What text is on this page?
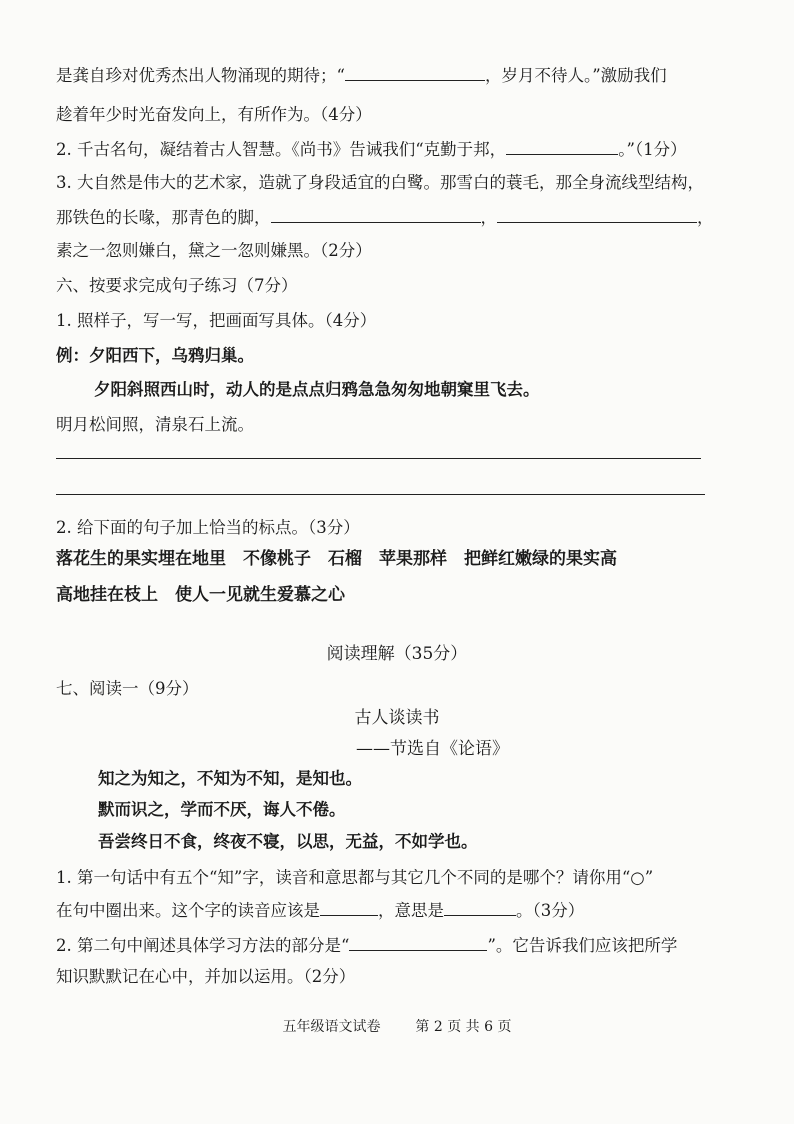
是龚自珍对优秀杰出人物涌现的期待；“	，岁月不待人。”激励我们
趁着年少时光奋发向上，有所作为。（4分）
2. 千古名句，凝结着古人智慧。《尚书》告诫我们“克勤于邦，	。”（1分）
3. 大自然是伟大的艺术家，造就了身段适宜的白鹭。那雪白的蓑毛，那全身流线型结构，
那铁色的长喙，那青色的脚，	，	，
素之一忽则嫌白，黛之一忽则嫌黑。（2分）
六、按要求完成句子练习（7分）
1. 照样子，写一写，把画面写具体。（4分）
例：夕阳西下，乌鸦归巢。
夕阳斜照西山时，动人的是点点归鸦急急匆匆地朝窠里飞去。
明月松间照，清泉石上流。
2. 给下面的句子加上恰当的标点。（3分）
落花生的果实埋在地里　不像桃子　石榴　苹果那样　把鲜红嫩绿的果实高
高地挂在枝上　使人一见就生爱慕之心
阅读理解（35分）
七、阅读一（9分）
古人谈读书
——节选自《论语》
知之为知之，不知为不知，是知也。
默而识之，学而不厌，诲人不倦。
吾尝终日不食，终夜不寝，以思，无益，不如学也。
1. 第一句话中有五个“知”字，读音和意思都与其它几个不同的是哪个？请你用“○”
在句中圈出来。这个字的读音应该是	，意思是	。（3分）
2. 第二句中阐述具体学习方法的部分是“	”。它告诉我们应该把所学
知识默默记在心中，并加以运用。（2分）
五年级语文试卷 第 2 页 共 6 页
